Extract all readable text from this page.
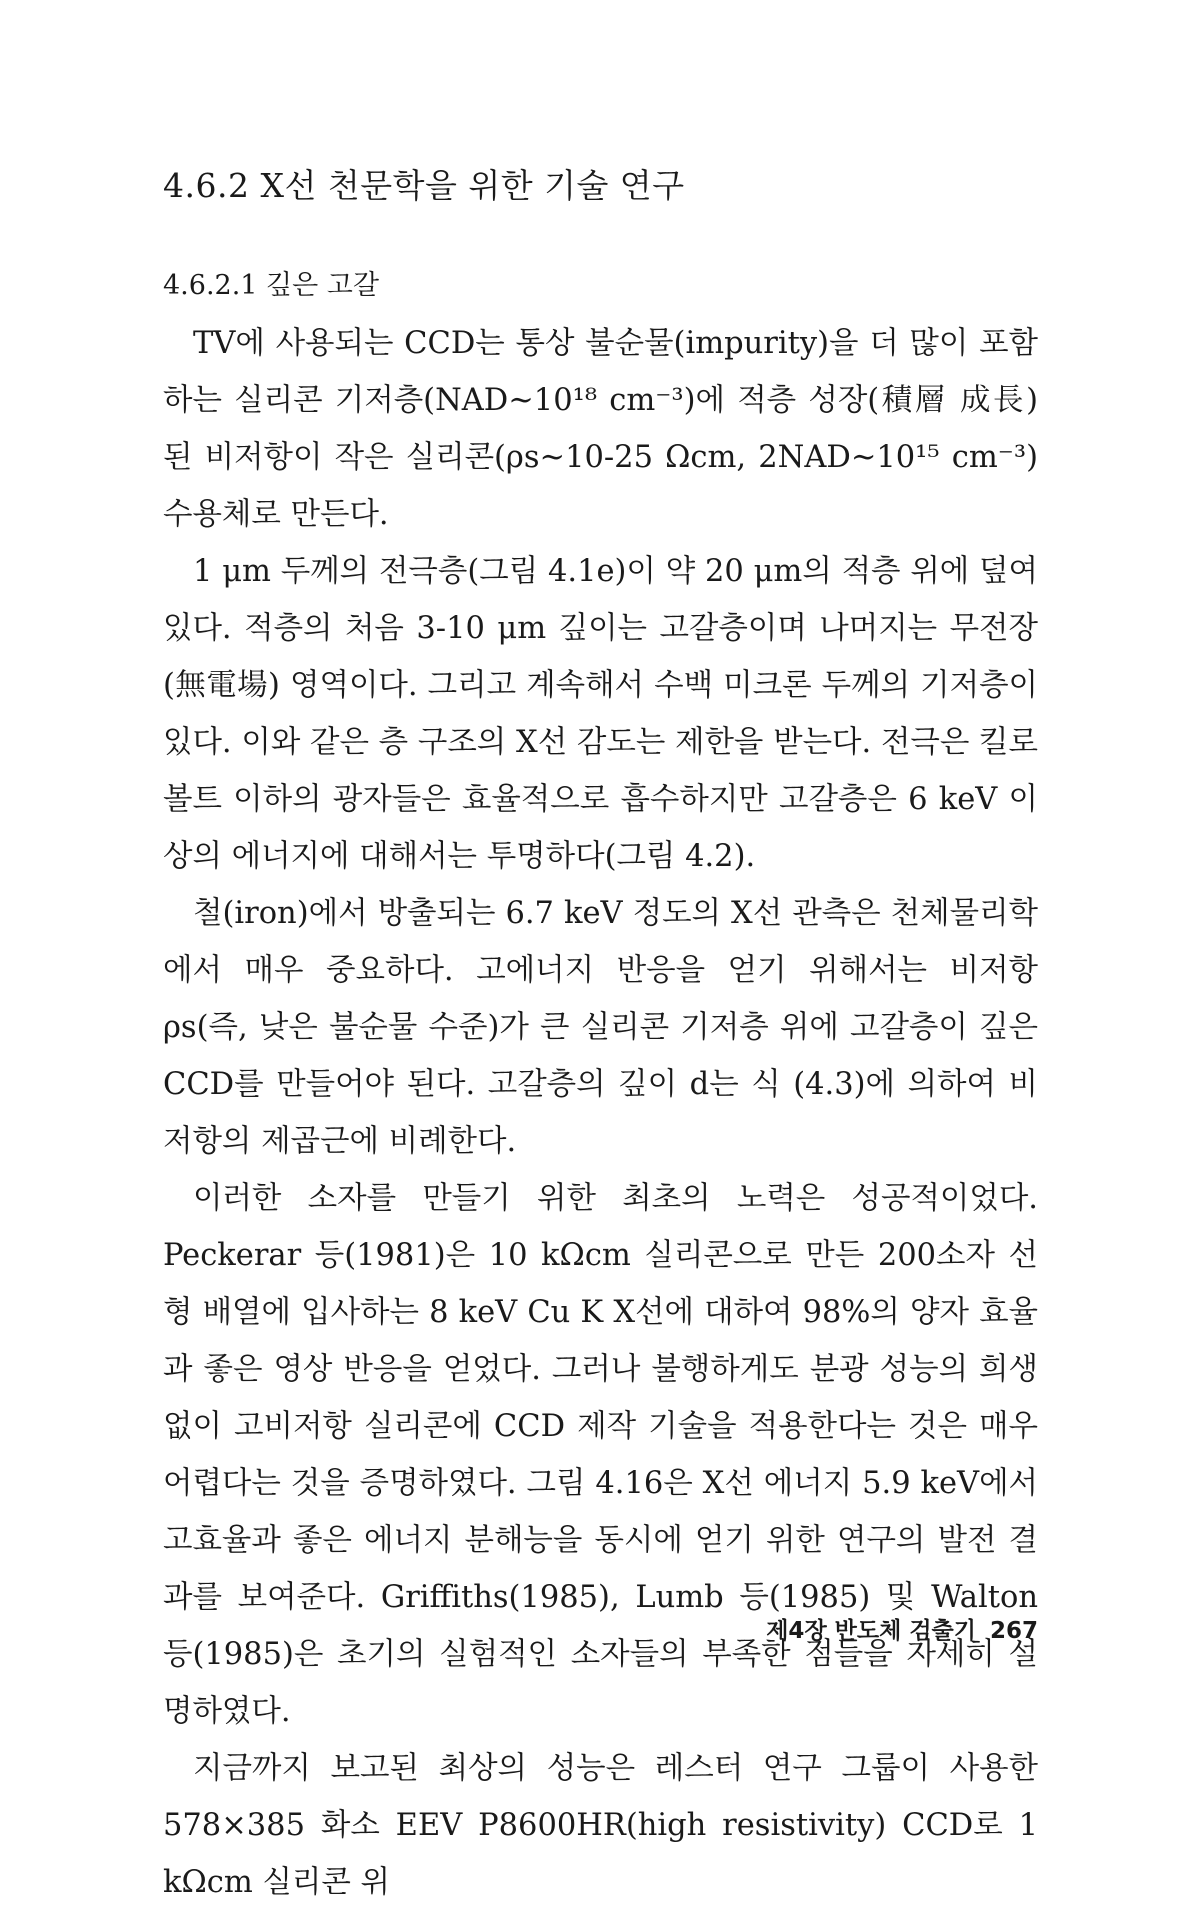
4.6.2 X선 천문학을 위한 기술 연구
4.6.2.1 깊은 고갈

TV에 사용되는 CCD는 통상 불순물(impurity)을 더 많이 포함하는 실리콘 기저층(NAD~10¹⁸ cm⁻³)에 적층 성장(積層 成長)된 비저항이 작은 실리콘(ρs~10-25 Ωcm, 2NAD~10¹⁵ cm⁻³) 수용체로 만든다.

1 μm 두께의 전극층(그림 4.1e)이 약 20 μm의 적층 위에 덮여 있다. 적층의 처음 3-10 μm 깊이는 고갈층이며 나머지는 무전장(無電場) 영역이다. 그리고 계속해서 수백 미크론 두께의 기저층이 있다. 이와 같은 층 구조의 X선 감도는 제한을 받는다. 전극은 킬로볼트 이하의 광자들은 효율적으로 흡수하지만 고갈층은 6 keV 이상의 에너지에 대해서는 투명하다(그림 4.2).

철(iron)에서 방출되는 6.7 keV 정도의 X선 관측은 천체물리학에서 매우 중요하다. 고에너지 반응을 얻기 위해서는 비저항 ρs(즉, 낮은 불순물 수준)가 큰 실리콘 기저층 위에 고갈층이 깊은 CCD를 만들어야 된다. 고갈층의 깊이 d는 식 (4.3)에 의하여 비저항의 제곱근에 비례한다.

이러한 소자를 만들기 위한 최초의 노력은 성공적이었다. Peckerar 등(1981)은 10 kΩcm 실리콘으로 만든 200소자 선형 배열에 입사하는 8 keV Cu K X선에 대하여 98%의 양자 효율과 좋은 영상 반응을 얻었다. 그러나 불행하게도 분광 성능의 희생 없이 고비저항 실리콘에 CCD 제작 기술을 적용한다는 것은 매우 어렵다는 것을 증명하였다. 그림 4.16은 X선 에너지 5.9 keV에서 고효율과 좋은 에너지 분해능을 동시에 얻기 위한 연구의 발전 결과를 보여준다. Griffiths(1985), Lumb 등(1985) 및 Walton 등(1985)은 초기의 실험적인 소자들의 부족한 점들을 자세히 설명하였다.

지금까지 보고된 최상의 성능은 레스터 연구 그룹이 사용한 578×385 화소 EEV P8600HR(high resistivity) CCD로 1 kΩcm 실리콘 위

제4장 반도체 검출기 267
